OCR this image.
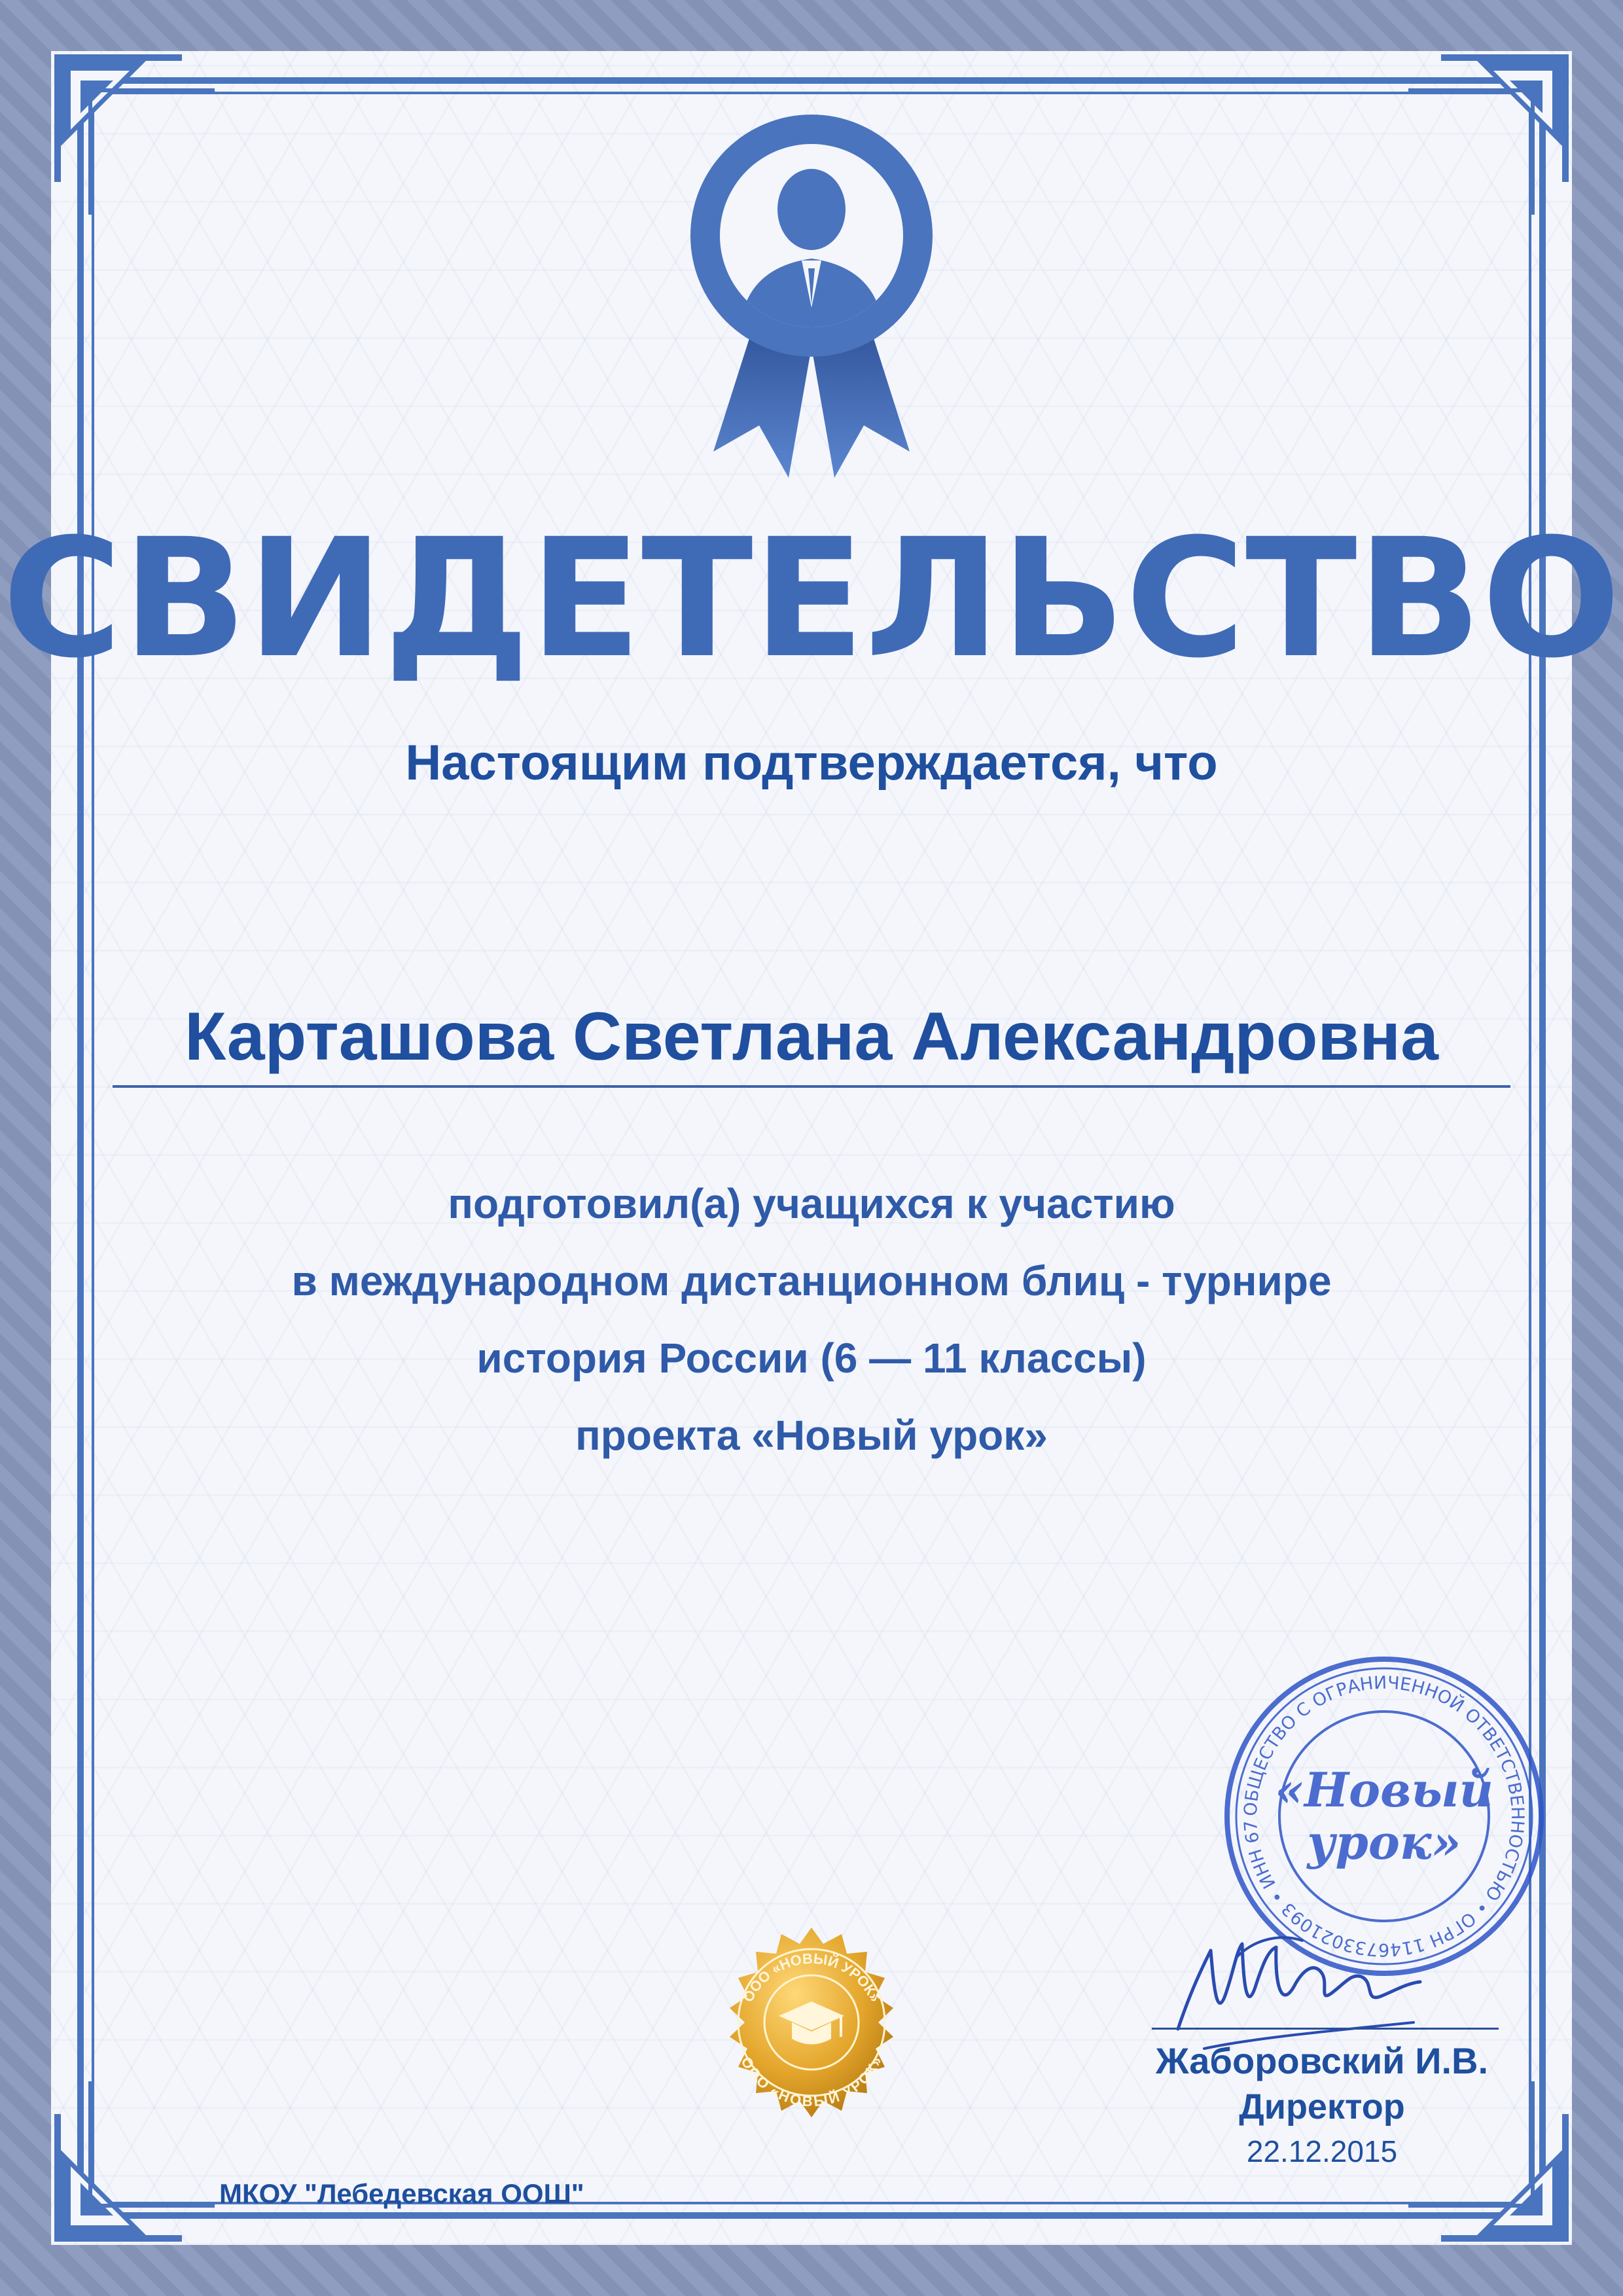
СВИДЕТЕЛЬСТВО
Настоящим подтверждается, что
Карташова Светлана Александровна
подготовил(а) учащихся к участию
в международном дистанционном блиц - турнире
история России (6 — 11 классы)
проекта «Новый урок»
ООО «НОВЫЙ УРОК»
ООО «НОВЫЙ УРОК»
ОБЩЕСТВО С ОГРАНИЧЕННОЙ ОТВЕТСТВЕННОСТЬЮ • ОГРН 1146733021093 • ИНН 67
«Новый
урок»
Жаборовский И.В.
Директор
22.12.2015
МКОУ "Лебедевская ООШ"
